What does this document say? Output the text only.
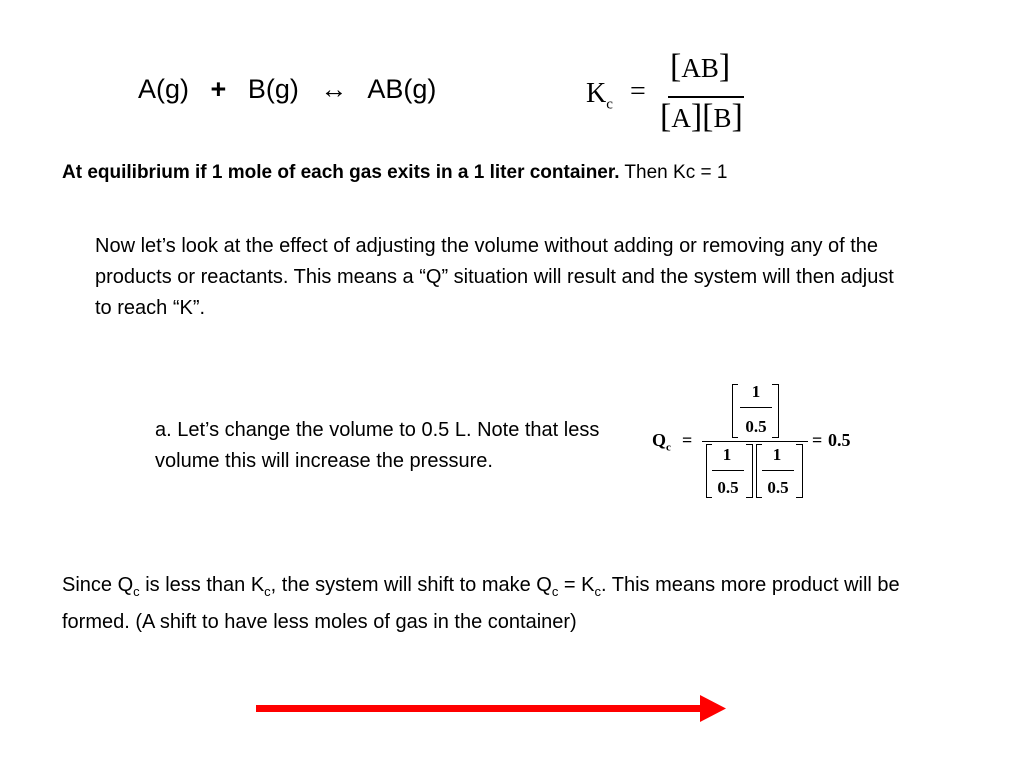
A(g) + B(g) ↔ AB(g)	$K_c$ =
[AB]
[A][B]
At equilibrium if 1 mole of each gas exits in a 1 liter container. Then Kc = 1
Now let’s look at the effect of adjusting the volume without adding or removing any of the products or reactants. This means a “Q” situation will result and the system will then adjust to reach “K”.
a. Let’s change the volume to 0.5 L. Note that less volume this will increase the pressure.
$Q_c$ =
1
0.5
1
0.5
1
0.5
= 0.5
Since $Q_c$ is less than $K_c$, the system will shift to make $Q_c = K_c$. This means more product will be formed. (A shift to have less moles of gas in the container)
